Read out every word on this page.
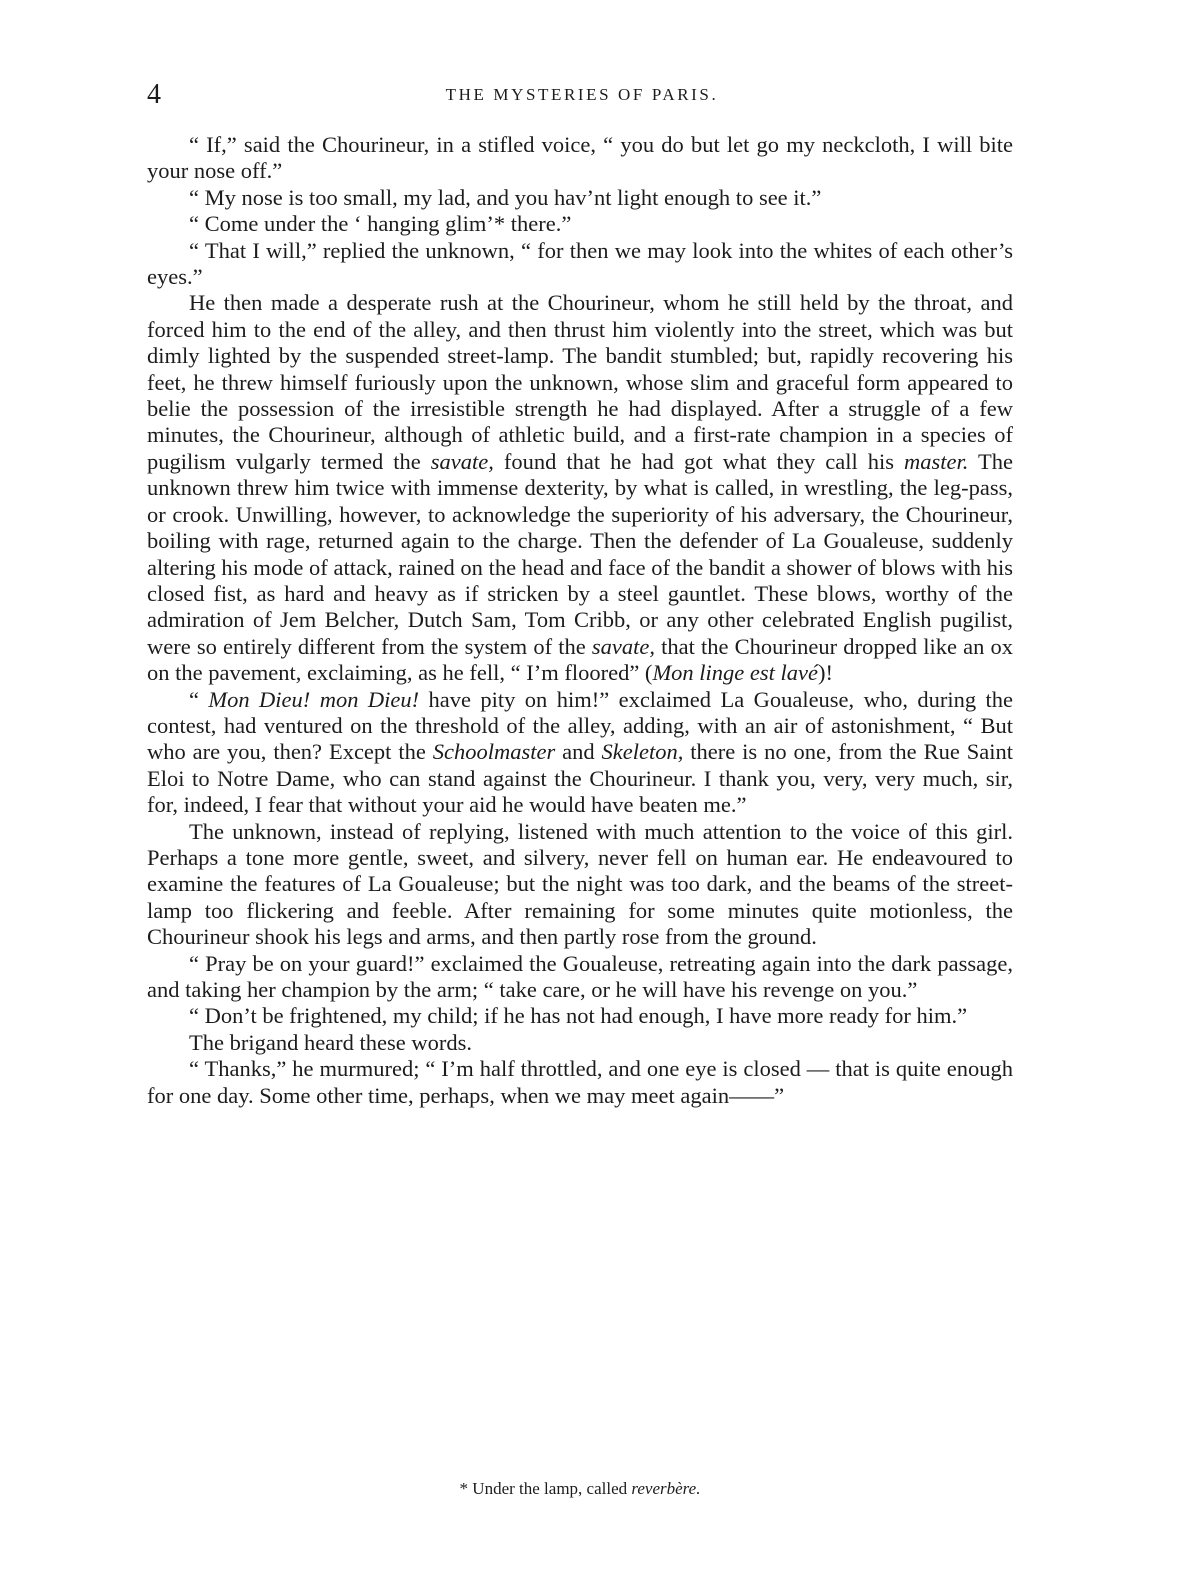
4	THE MYSTERIES OF PARIS.

“ If,” said the Chourineur, in a stifled voice, “ you do but let go my neckcloth, I will bite your nose off.”

“ My nose is too small, my lad, and you hav’nt light enough to see it.”

“ Come under the ‘ hanging glim’* there.”

“ That I will,” replied the unknown, “ for then we may look into the whites of each other’s eyes.”

He then made a desperate rush at the Chourineur, whom he still held by the throat, and forced him to the end of the alley, and then thrust him violently into the street, which was but dimly lighted by the suspended street-lamp. The bandit stumbled; but, rapidly recovering his feet, he threw himself furiously upon the unknown, whose slim and graceful form appeared to belie the possession of the irresistible strength he had displayed. After a struggle of a few minutes, the Chourineur, although of athletic build, and a first-rate champion in a species of pugilism vulgarly termed the savate, found that he had got what they call his master. The unknown threw him twice with immense dexterity, by what is called, in wrestling, the leg-pass, or crook. Unwilling, however, to acknowledge the superiority of his adversary, the Chourineur, boiling with rage, returned again to the charge. Then the defender of La Goualeuse, suddenly altering his mode of attack, rained on the head and face of the bandit a shower of blows with his closed fist, as hard and heavy as if stricken by a steel gauntlet. These blows, worthy of the admiration of Jem Belcher, Dutch Sam, Tom Cribb, or any other celebrated English pugilist, were so entirely different from the system of the savate, that the Chourineur dropped like an ox on the pavement, exclaiming, as he fell, “ I’m floored” (Mon linge est lavé)!

“ Mon Dieu! mon Dieu! have pity on him!” exclaimed La Goualeuse, who, during the contest, had ventured on the threshold of the alley, adding, with an air of astonishment, “ But who are you, then? Except the Schoolmaster and Skeleton, there is no one, from the Rue Saint Eloi to Notre Dame, who can stand against the Chourineur. I thank you, very, very much, sir, for, indeed, I fear that without your aid he would have beaten me.”

The unknown, instead of replying, listened with much attention to the voice of this girl. Perhaps a tone more gentle, sweet, and silvery, never fell on human ear. He endeavoured to examine the features of La Goualeuse; but the night was too dark, and the beams of the street-lamp too flickering and feeble. After remaining for some minutes quite motionless, the Chourineur shook his legs and arms, and then partly rose from the ground.

“ Pray be on your guard!” exclaimed the Goualeuse, retreating again into the dark passage, and taking her champion by the arm; “ take care, or he will have his revenge on you.”

“ Don’t be frightened, my child; if he has not had enough, I have more ready for him.”

The brigand heard these words.

“ Thanks,” he murmured; “ I’m half throttled, and one eye is closed — that is quite enough for one day. Some other time, perhaps, when we may meet again——”

* Under the lamp, called reverbère.
